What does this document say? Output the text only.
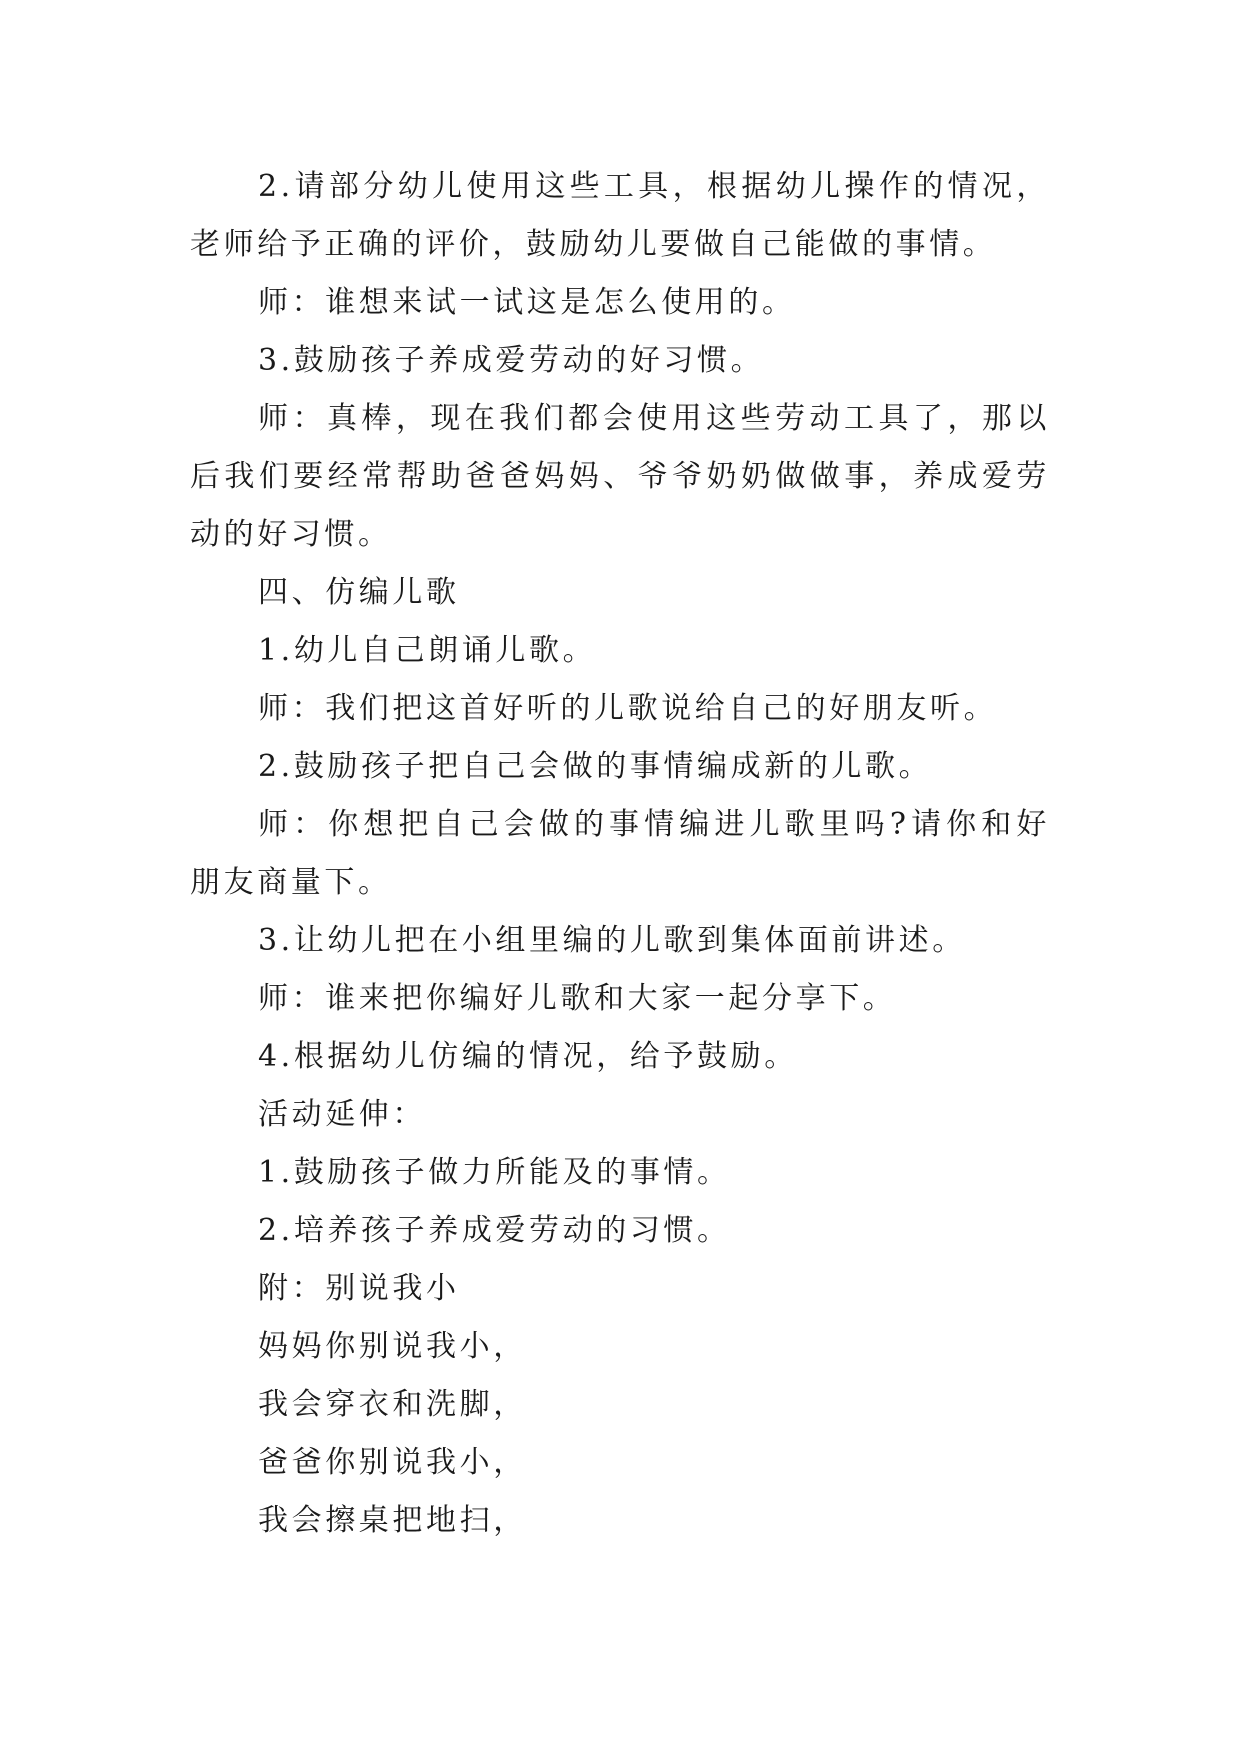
2.请部分幼儿使用这些工具，根据幼儿操作的情况，老师给予正确的评价，鼓励幼儿要做自己能做的事情。

师：谁想来试一试这是怎么使用的。

3.鼓励孩子养成爱劳动的好习惯。

师：真棒，现在我们都会使用这些劳动工具了，那以后我们要经常帮助爸爸妈妈、爷爷奶奶做做事，养成爱劳动的好习惯。

四、仿编儿歌

1.幼儿自己朗诵儿歌。

师：我们把这首好听的儿歌说给自己的好朋友听。

2.鼓励孩子把自己会做的事情编成新的儿歌。

师：你想把自己会做的事情编进儿歌里吗?请你和好朋友商量下。

3.让幼儿把在小组里编的儿歌到集体面前讲述。

师：谁来把你编好儿歌和大家一起分享下。

4.根据幼儿仿编的情况，给予鼓励。

活动延伸：

1.鼓励孩子做力所能及的事情。

2.培养孩子养成爱劳动的习惯。

附：别说我小

妈妈你别说我小，

我会穿衣和洗脚，

爸爸你别说我小，

我会擦桌把地扫，
